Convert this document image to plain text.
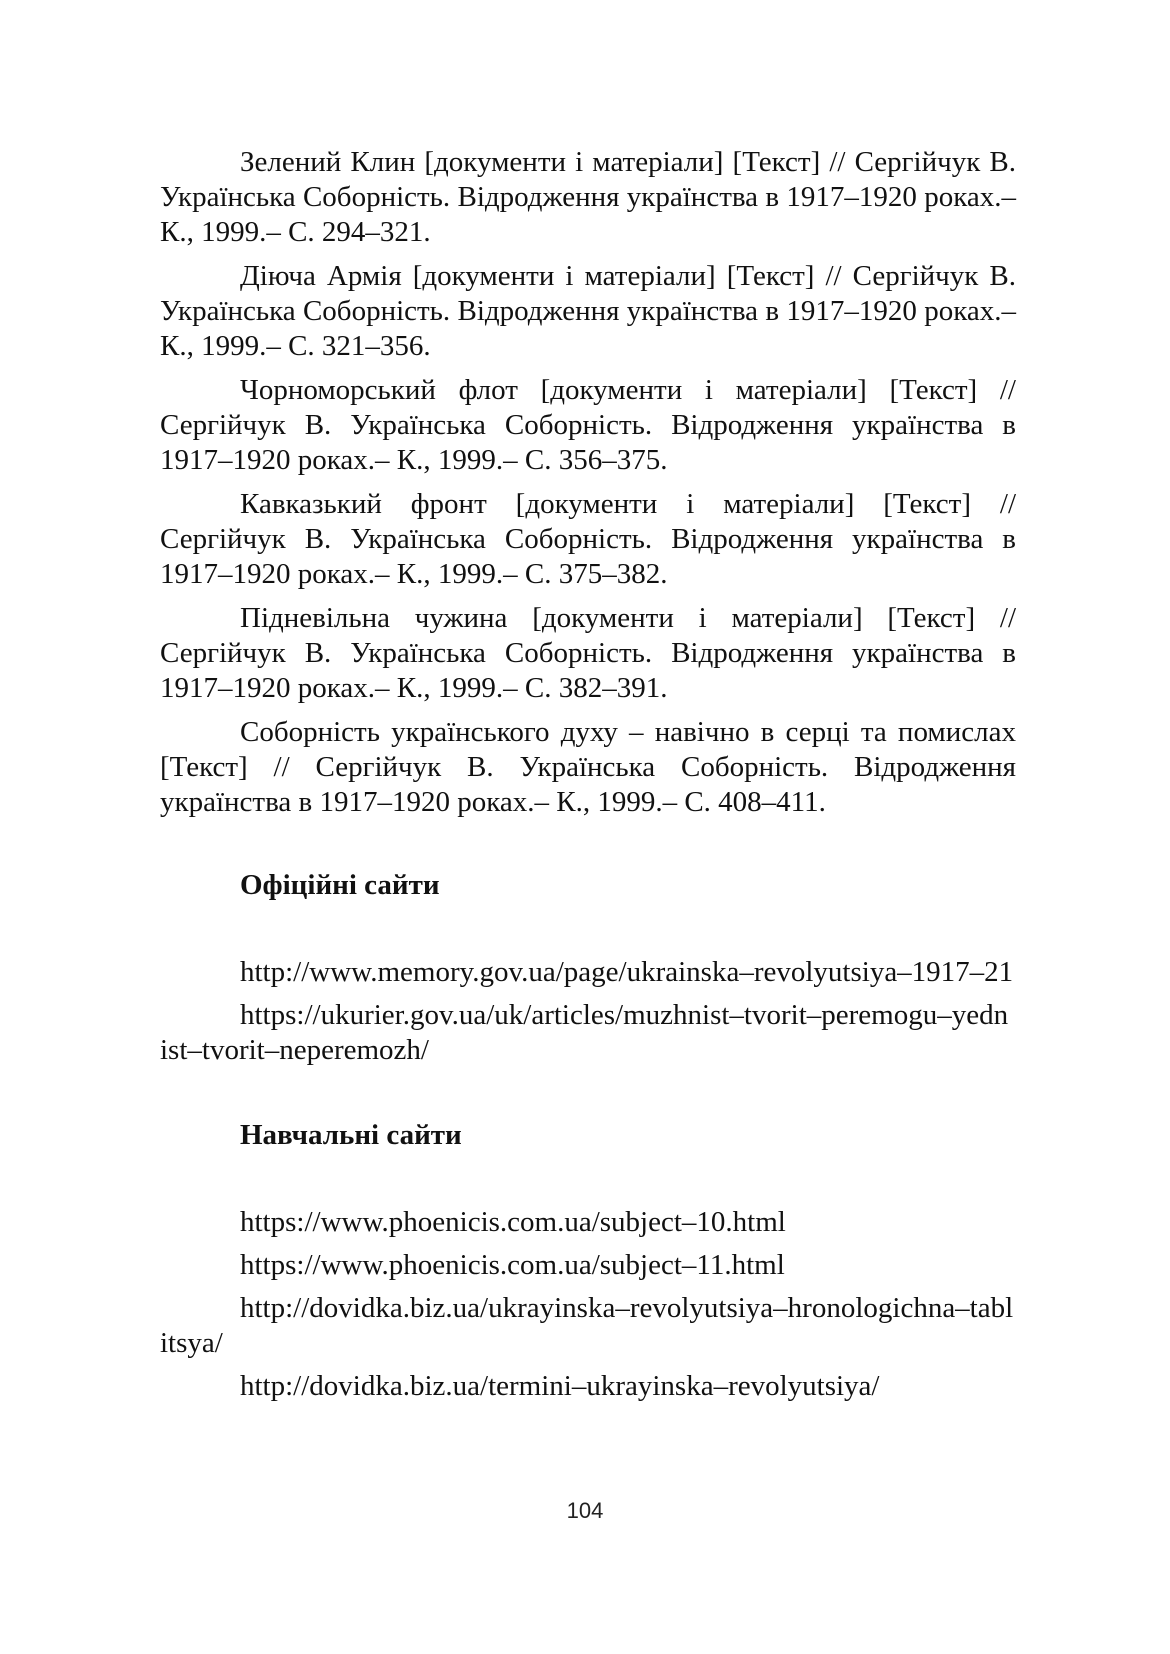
Зелений Клин [документи і матеріали] [Текст] // Сергійчук В. Українська Соборність. Відродження українства в 1917–1920 роках.– К., 1999.– С. 294–321.

Діюча Армія [документи і матеріали] [Текст] // Сергійчук В. Українська Соборність. Відродження українства в 1917–1920 роках.– К., 1999.– С. 321–356.

Чорноморський флот [документи і матеріали] [Текст] // Сергійчук В. Українська Соборність. Відродження українства в 1917–1920 роках.– К., 1999.– С. 356–375.

Кавказький фронт [документи і матеріали] [Текст] // Сергійчук В. Українська Соборність. Відродження українства в 1917–1920 роках.– К., 1999.– С. 375–382.

Підневільна чужина [документи і матеріали] [Текст] // Сергійчук В. Українська Соборність. Відродження українства в 1917–1920 роках.– К., 1999.– С. 382–391.

Соборність українського духу – навічно в серці та помислах [Текст] // Сергійчук В. Українська Соборність. Відродження українства в 1917–1920 роках.– К., 1999.– С. 408–411.

Офіційні сайти

http://www.memory.gov.ua/page/ukrainska–revolyutsiya–1917–21

https://ukurier.gov.ua/uk/articles/muzhnist–tvorit–peremogu–yednist–tvorit–neperemozh/

Навчальні сайти

https://www.phoenicis.com.ua/subject–10.html

https://www.phoenicis.com.ua/subject–11.html

http://dovidka.biz.ua/ukrayinska–revolyutsiya–hronologichna–tablitsya/

http://dovidka.biz.ua/termini–ukrayinska–revolyutsiya/

104
